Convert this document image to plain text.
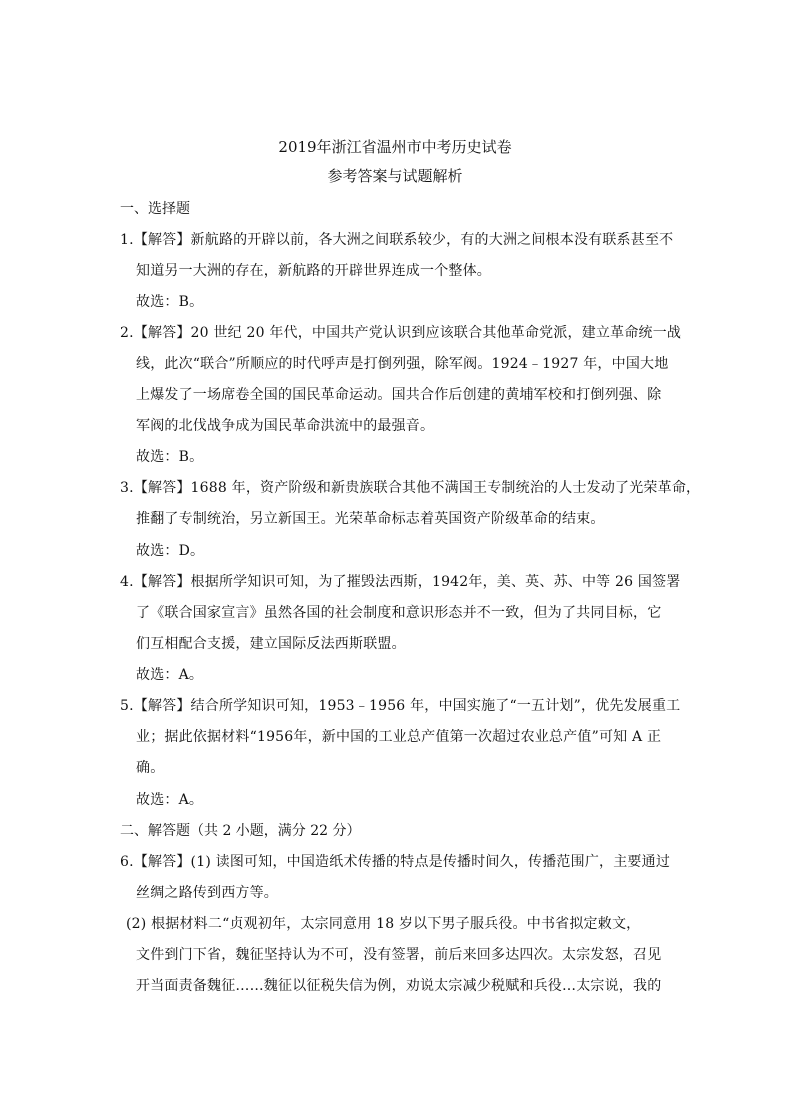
2019年浙江省温州市中考历史试卷
参考答案与试题解析
一、选择题
1.【解答】新航路的开辟以前，各大洲之间联系较少，有的大洲之间根本没有联系甚至不
知道另一大洲的存在，新航路的开辟世界连成一个整体。
故选：B。
2.【解答】20 世纪 20 年代，中国共产党认识到应该联合其他革命党派，建立革命统一战
线，此次“联合”所顺应的时代呼声是打倒列强，除军阀。1924﹣1927 年，中国大地
上爆发了一场席卷全国的国民革命运动。国共合作后创建的黄埔军校和打倒列强、除
军阀的北伐战争成为国民革命洪流中的最强音。
故选：B。
3.【解答】1688 年，资产阶级和新贵族联合其他不满国王专制统治的人士发动了光荣革命，
推翻了专制统治，另立新国王。光荣革命标志着英国资产阶级革命的结束。
故选：D。
4.【解答】根据所学知识可知，为了摧毁法西斯，1942年，美、英、苏、中等 26 国签署
了《联合国家宣言》虽然各国的社会制度和意识形态并不一致，但为了共同目标，它
们互相配合支援，建立国际反法西斯联盟。
故选：A。
5.【解答】结合所学知识可知，1953﹣1956 年，中国实施了“一五计划”，优先发展重工
业；据此依据材料“1956年，新中国的工业总产值第一次超过农业总产值”可知 A 正
确。
故选：A。
二、解答题（共 2 小题，满分 22 分）
6.【解答】(1) 读图可知，中国造纸术传播的特点是传播时间久，传播范围广，主要通过
丝绸之路传到西方等。
(2) 根据材料二“贞观初年，太宗同意用 18 岁以下男子服兵役。中书省拟定敕文，
文件到门下省，魏征坚持认为不可，没有签署，前后来回多达四次。太宗发怒，召见
开当面责备魏征……魏征以征税失信为例，劝说太宗减少税赋和兵役…太宗说，我的
